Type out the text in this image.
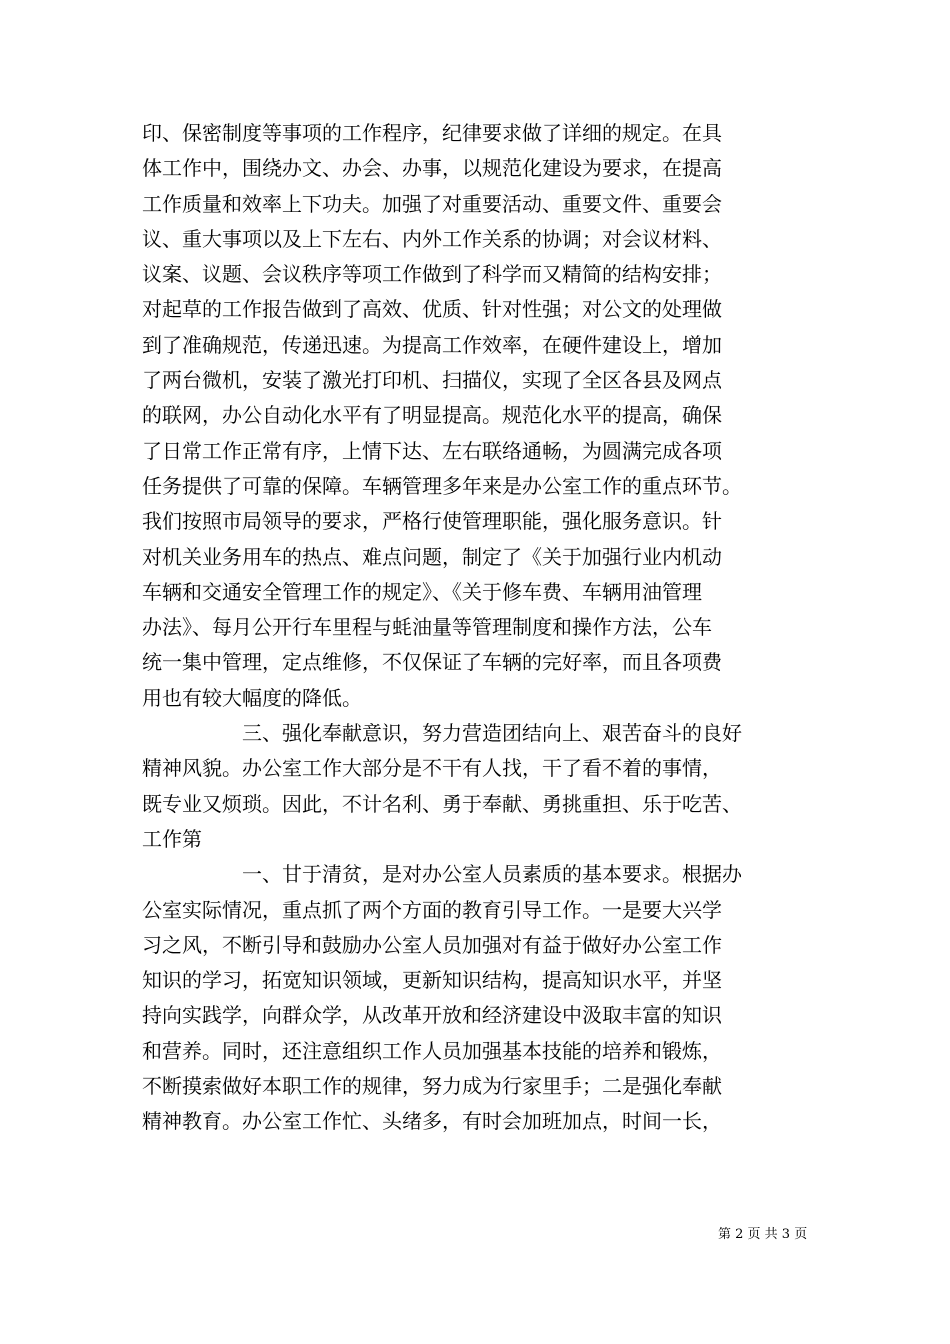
印、保密制度等事项的工作程序，纪律要求做了详细的规定。在具
体工作中，围绕办文、办会、办事，以规范化建设为要求，在提高
工作质量和效率上下功夫。加强了对重要活动、重要文件、重要会
议、重大事项以及上下左右、内外工作关系的协调；对会议材料、
议案、议题、会议秩序等项工作做到了科学而又精简的结构安排；
对起草的工作报告做到了高效、优质、针对性强；对公文的处理做
到了准确规范，传递迅速。为提高工作效率，在硬件建设上，增加
了两台微机，安装了激光打印机、扫描仪，实现了全区各县及网点
的联网，办公自动化水平有了明显提高。规范化水平的提高，确保
了日常工作正常有序，上情下达、左右联络通畅，为圆满完成各项
任务提供了可靠的保障。车辆管理多年来是办公室工作的重点环节。
我们按照市局领导的要求，严格行使管理职能，强化服务意识。针
对机关业务用车的热点、难点问题，制定了《关于加强行业内机动
车辆和交通安全管理工作的规定》、《关于修车费、车辆用油管理
办法》、每月公开行车里程与蚝油量等管理制度和操作方法，公车
统一集中管理，定点维修，不仅保证了车辆的完好率，而且各项费
用也有较大幅度的降低。
三、强化奉献意识，努力营造团结向上、艰苦奋斗的良好
精神风貌。办公室工作大部分是不干有人找，干了看不着的事情，
既专业又烦琐。因此，不计名利、勇于奉献、勇挑重担、乐于吃苦、
工作第
一、甘于清贫，是对办公室人员素质的基本要求。根据办
公室实际情况，重点抓了两个方面的教育引导工作。一是要大兴学
习之风，不断引导和鼓励办公室人员加强对有益于做好办公室工作
知识的学习，拓宽知识领域，更新知识结构，提高知识水平，并坚
持向实践学，向群众学，从改革开放和经济建设中汲取丰富的知识
和营养。同时，还注意组织工作人员加强基本技能的培养和锻炼，
不断摸索做好本职工作的规律，努力成为行家里手；二是强化奉献
精神教育。办公室工作忙、头绪多，有时会加班加点，时间一长，
第 2 页 共 3 页
